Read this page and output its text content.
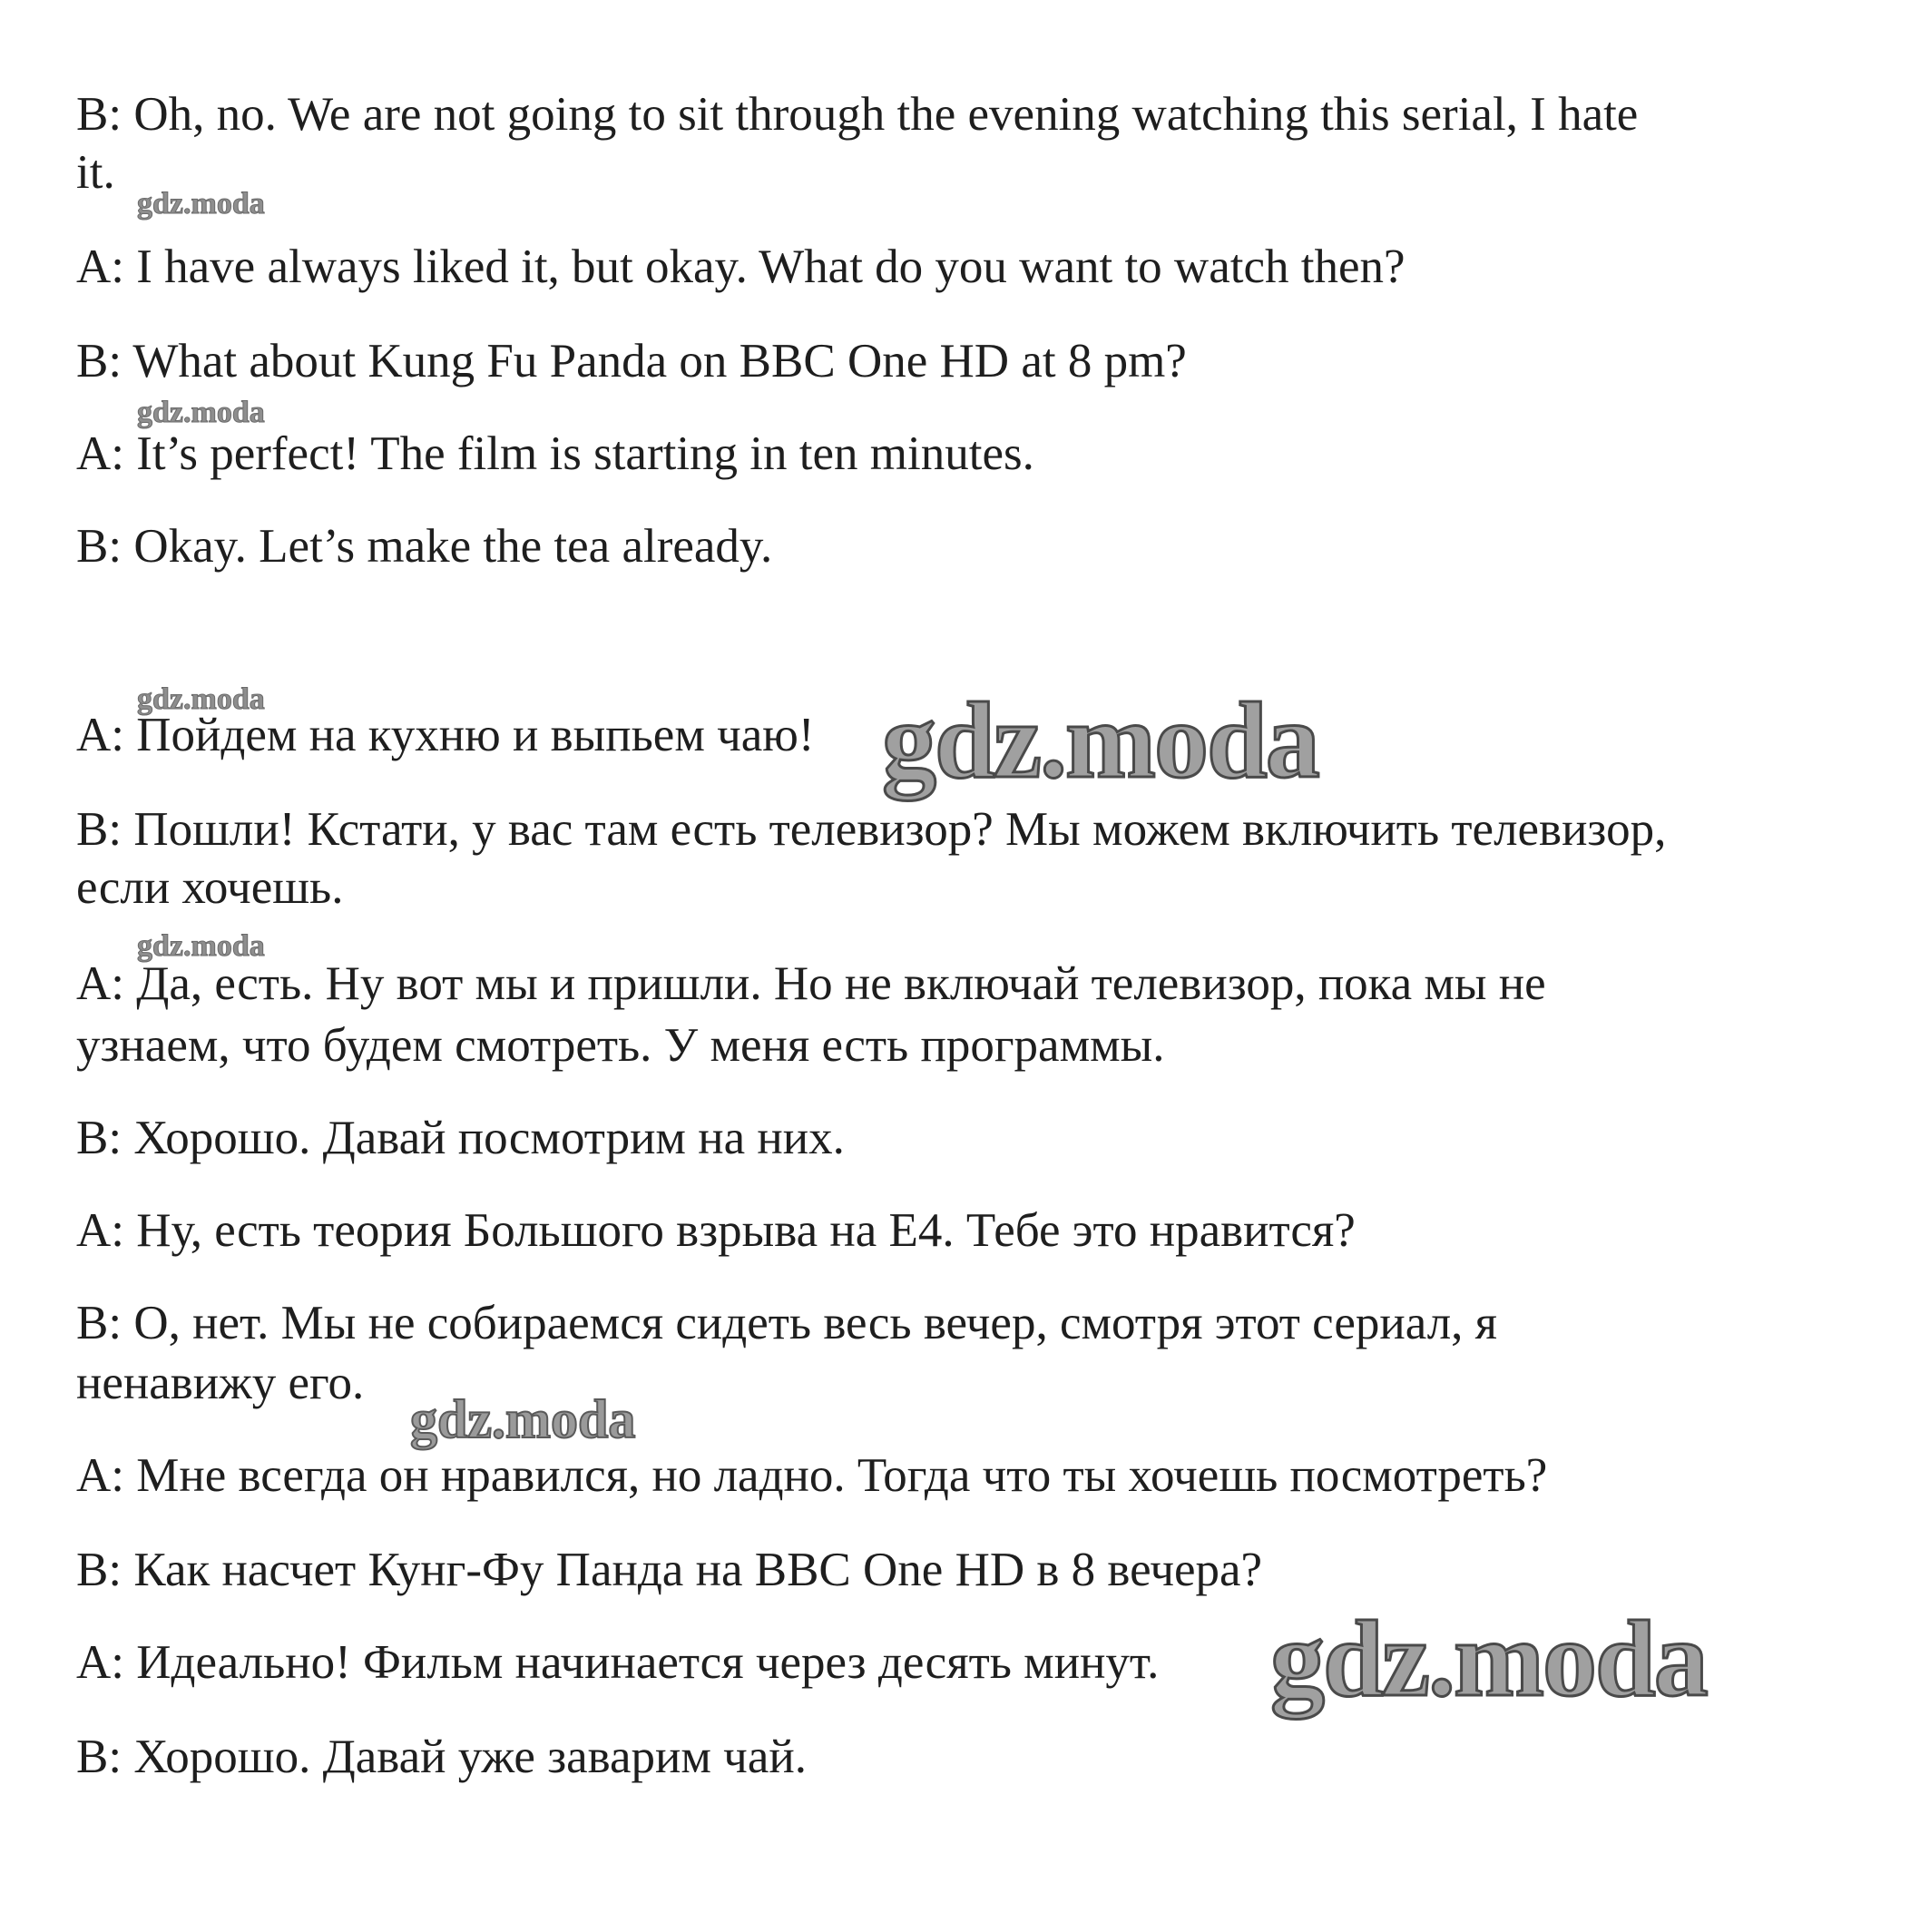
B: Oh, no. We are not going to sit through the evening watching this serial, I hate

it.

gdz.moda

A: I have always liked it, but okay. What do you want to watch then?

B: What about Kung Fu Panda on BBC One HD at 8 pm?

gdz.moda

A: It’s perfect! The film is starting in ten minutes.

B: Okay. Let’s make the tea already.

gdz.moda

A: Пойдем на кухню и выпьем чаю! gdz.moda

B: Пошли! Кстати, у вас там есть телевизор? Мы можем включить телевизор,

если хочешь.

gdz.moda

A: Да, есть. Ну вот мы и пришли. Но не включай телевизор, пока мы не

узнаем, что будем смотреть. У меня есть программы.

B: Хорошо. Давай посмотрим на них.

A: Ну, есть теория Большого взрыва на E4. Тебе это нравится?

B: О, нет. Мы не собираемся сидеть весь вечер, смотря этот сериал, я

ненавижу его.

gdz.moda

A: Мне всегда он нравился, но ладно. Тогда что ты хочешь посмотреть?

B: Как насчет Кунг-Фу Панда на BBC One HD в 8 вечера?

A: Идеально! Фильм начинается через десять минут. gdz.moda

B: Хорошо. Давай уже заварим чай.
